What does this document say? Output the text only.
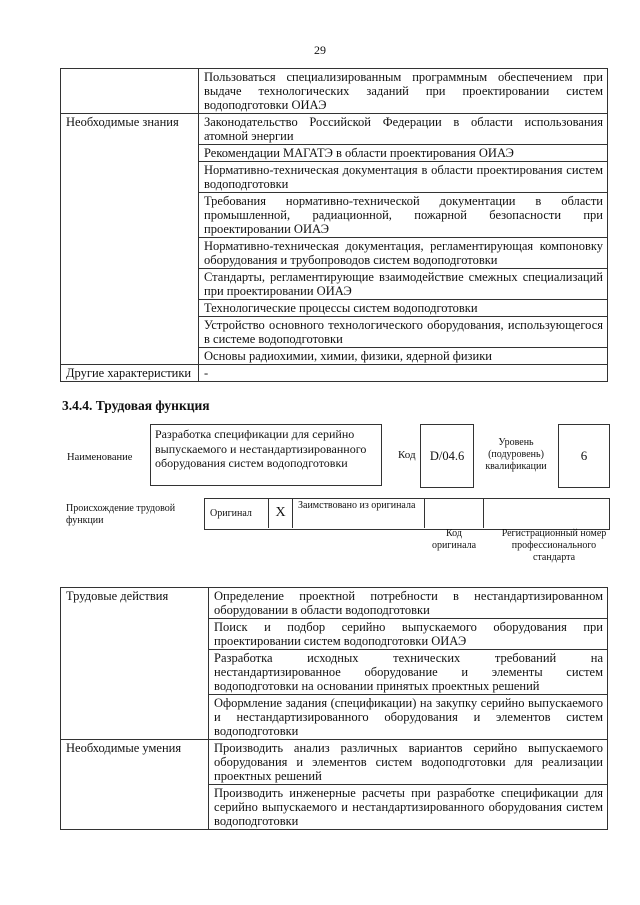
29
	Пользоваться специализированным программным обеспечением при выдаче технологических заданий при проектировании систем водоподготовки ОИАЭ
Необходимые знания	Законодательство Российской Федерации в области использования атомной энергии
	Рекомендации МАГАТЭ в области проектирования ОИАЭ
	Нормативно-техническая документация в области проектирования систем водоподготовки
	Требования нормативно-технической документации в области промышленной, радиационной, пожарной безопасности при проектировании ОИАЭ
	Нормативно-техническая документация, регламентирующая компоновку оборудования и трубопроводов систем водоподготовки
	Стандарты, регламентирующие взаимодействие смежных специализаций при проектировании ОИАЭ
	Технологические процессы систем водоподготовки
	Устройство основного технологического оборудования, использующегося в системе водоподготовки
	Основы радиохимии, химии, физики, ядерной физики
Другие характеристики	-
3.4.4. Трудовая функция
Наименование
Разработка спецификации для серийно выпускаемого и нестандартизированного оборудования систем водоподготовки
Код	D/04.6
Уровень (подуровень) квалификации
6
Происхождение трудовой функции
Оригинал	X	Заимствовано из оригинала
Код оригинала
Регистрационный номер профессионального стандарта
Трудовые действия	Определение проектной потребности в нестандартизированном оборудовании в области водоподготовки
	Поиск и подбор серийно выпускаемого оборудования при проектировании систем водоподготовки ОИАЭ
	Разработка исходных технических требований на нестандартизированное оборудование и элементы систем водоподготовки на основании принятых проектных решений
	Оформление задания (спецификации) на закупку серийно выпускаемого и нестандартизированного оборудования и элементов систем водоподготовки
Необходимые умения	Производить анализ различных вариантов серийно выпускаемого оборудования и элементов систем водоподготовки для реализации проектных решений
	Производить инженерные расчеты при разработке спецификации для серийно выпускаемого и нестандартизированного оборудования систем водоподготовки
